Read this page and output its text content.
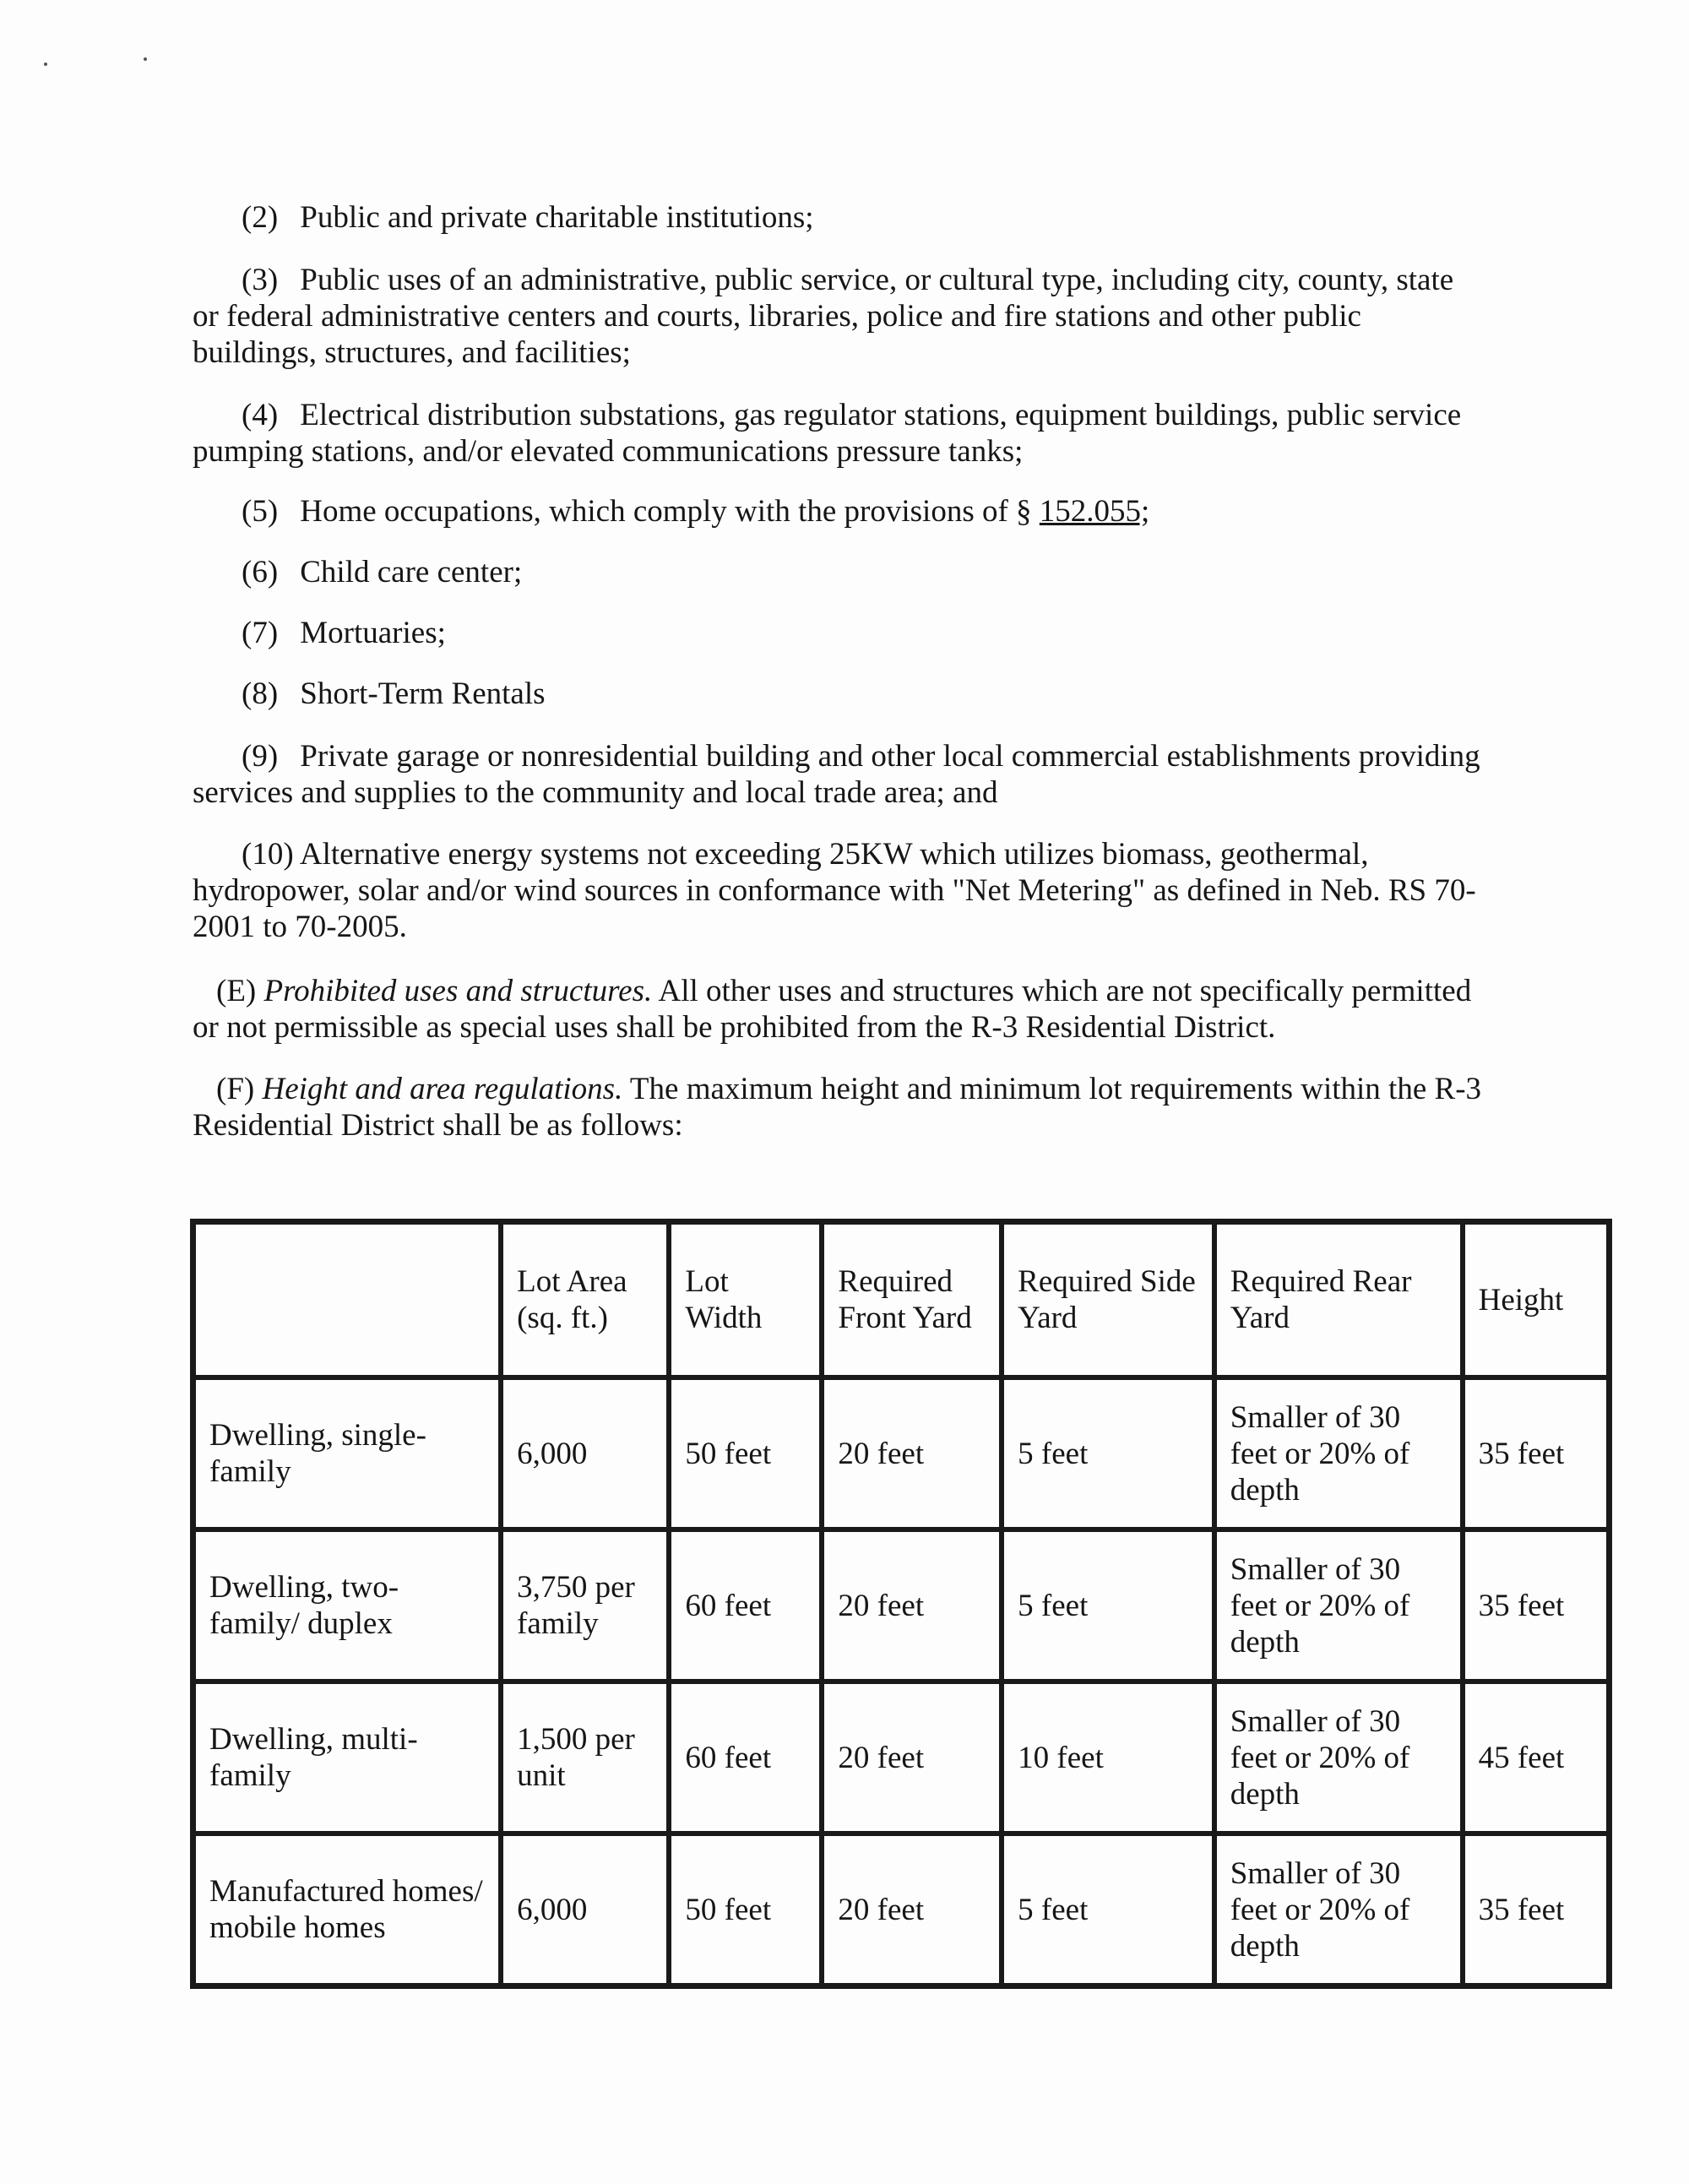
(2) Public and private charitable institutions;

(3) Public uses of an administrative, public service, or cultural type, including city, county, state or federal administrative centers and courts, libraries, police and fire stations and other public buildings, structures, and facilities;

(4) Electrical distribution substations, gas regulator stations, equipment buildings, public service pumping stations, and/or elevated communications pressure tanks;

(5) Home occupations, which comply with the provisions of § 152.055;

(6) Child care center;

(7) Mortuaries;

(8) Short-Term Rentals

(9) Private garage or nonresidential building and other local commercial establishments providing services and supplies to the community and local trade area; and

(10) Alternative energy systems not exceeding 25KW which utilizes biomass, geothermal, hydropower, solar and/or wind sources in conformance with "Net Metering" as defined in Neb. RS 70-2001 to 70-2005.

(E) Prohibited uses and structures. All other uses and structures which are not specifically permitted or not permissible as special uses shall be prohibited from the R-3 Residential District.

(F) Height and area regulations. The maximum height and minimum lot requirements within the R-3 Residential District shall be as follows:

	Lot Area (sq. ft.)	Lot Width	Required Front Yard	Required Side Yard	Required Rear Yard	Height
Dwelling, single-family	6,000	50 feet	20 feet	5 feet	Smaller of 30 feet or 20% of depth	35 feet
Dwelling, two-family/ duplex	3,750 per family	60 feet	20 feet	5 feet	Smaller of 30 feet or 20% of depth	35 feet
Dwelling, multi-family	1,500 per unit	60 feet	20 feet	10 feet	Smaller of 30 feet or 20% of depth	45 feet
Manufactured homes/ mobile homes	6,000	50 feet	20 feet	5 feet	Smaller of 30 feet or 20% of depth	35 feet
